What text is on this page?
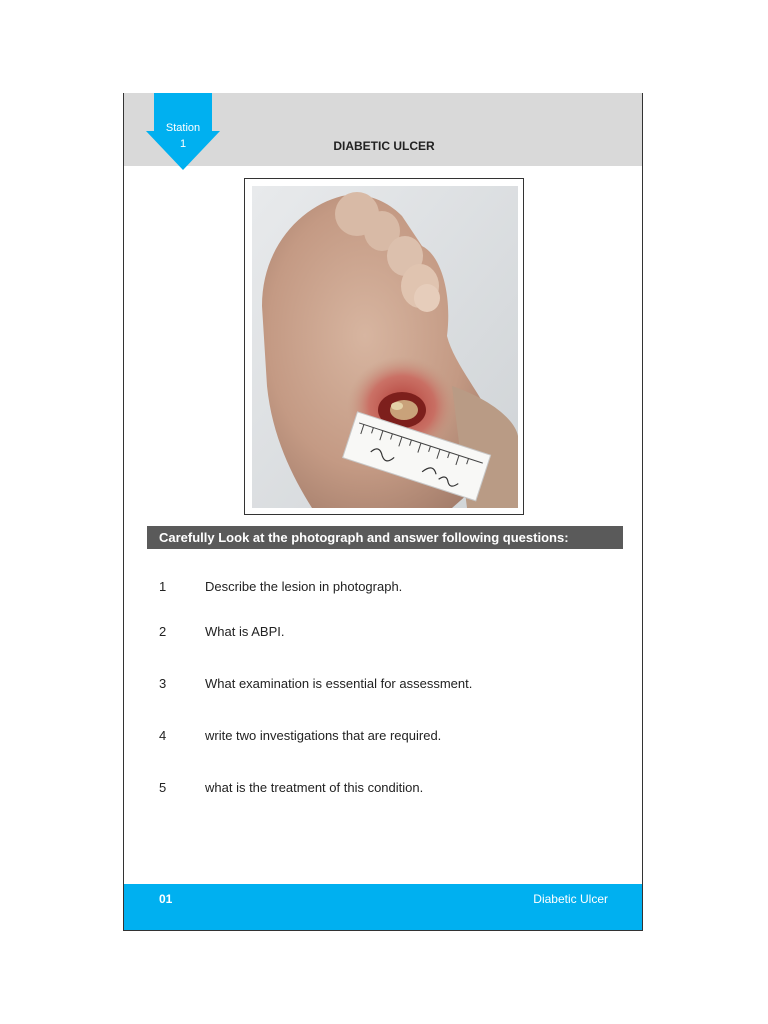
Station
1	DIABETIC ULCER
Carefully Look at the photograph and answer following questions:
1	Describe the lesion in photograph.
2	What is ABPI.
3	What examination is essential for assessment.
4	write two investigations that are required.
5	what is the treatment of this condition.
01	Diabetic Ulcer
